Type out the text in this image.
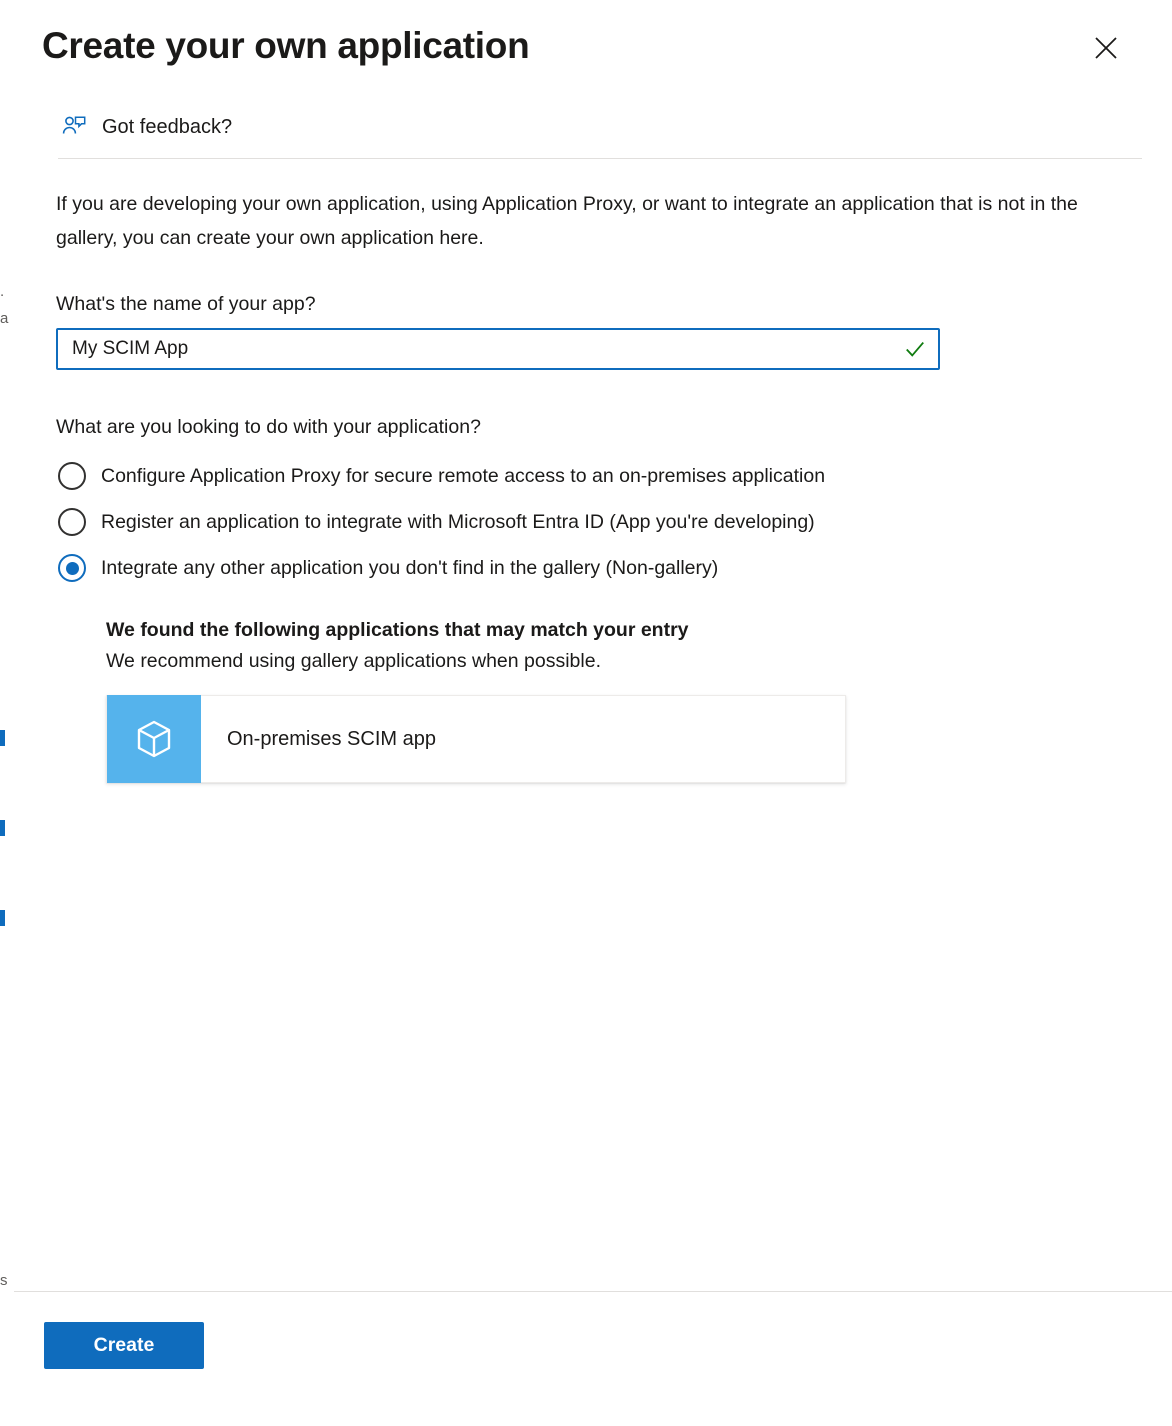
.
a
s
Create your own application
Got feedback?

If you are developing your own application, using Application Proxy, or want to integrate an application that is not in the gallery, you can create your own application here.

What's the name of your app?

My SCIM App

What are you looking to do with your application?

Configure Application Proxy for secure remote access to an on-premises application
Register an application to integrate with Microsoft Entra ID (App you're developing)
Integrate any other application you don't find in the gallery (Non-gallery)

We found the following applications that may match your entry

We recommend using gallery applications when possible.

On-premises SCIM app
Create
